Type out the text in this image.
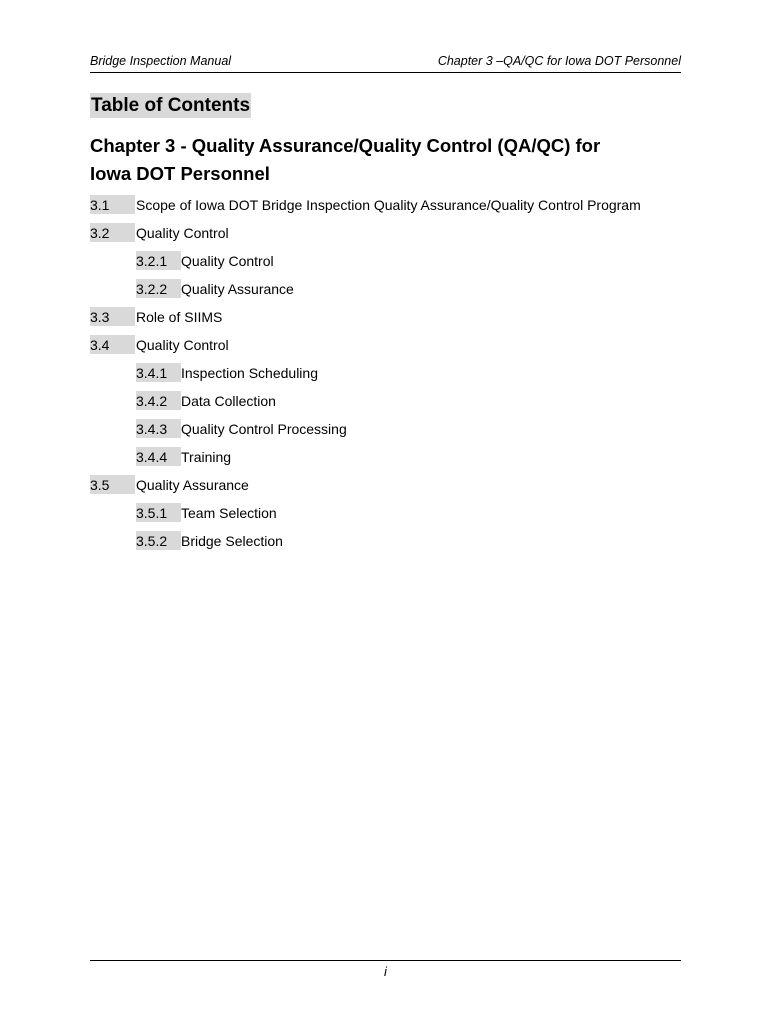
Bridge Inspection Manual	Chapter 3 –QA/QC for Iowa DOT Personnel
Table of Contents
Chapter 3 - Quality Assurance/Quality Control (QA/QC) for
Iowa DOT Personnel
3.1	Scope of Iowa DOT Bridge Inspection Quality Assurance/Quality Control Program
3.2	Quality Control
3.2.1 Quality Control
3.2.2 Quality Assurance
3.3	Role of SIIMS
3.4	Quality Control
3.4.1 Inspection Scheduling
3.4.2 Data Collection
3.4.3 Quality Control Processing
3.4.4 Training
3.5	Quality Assurance
3.5.1 Team Selection
3.5.2 Bridge Selection
i
